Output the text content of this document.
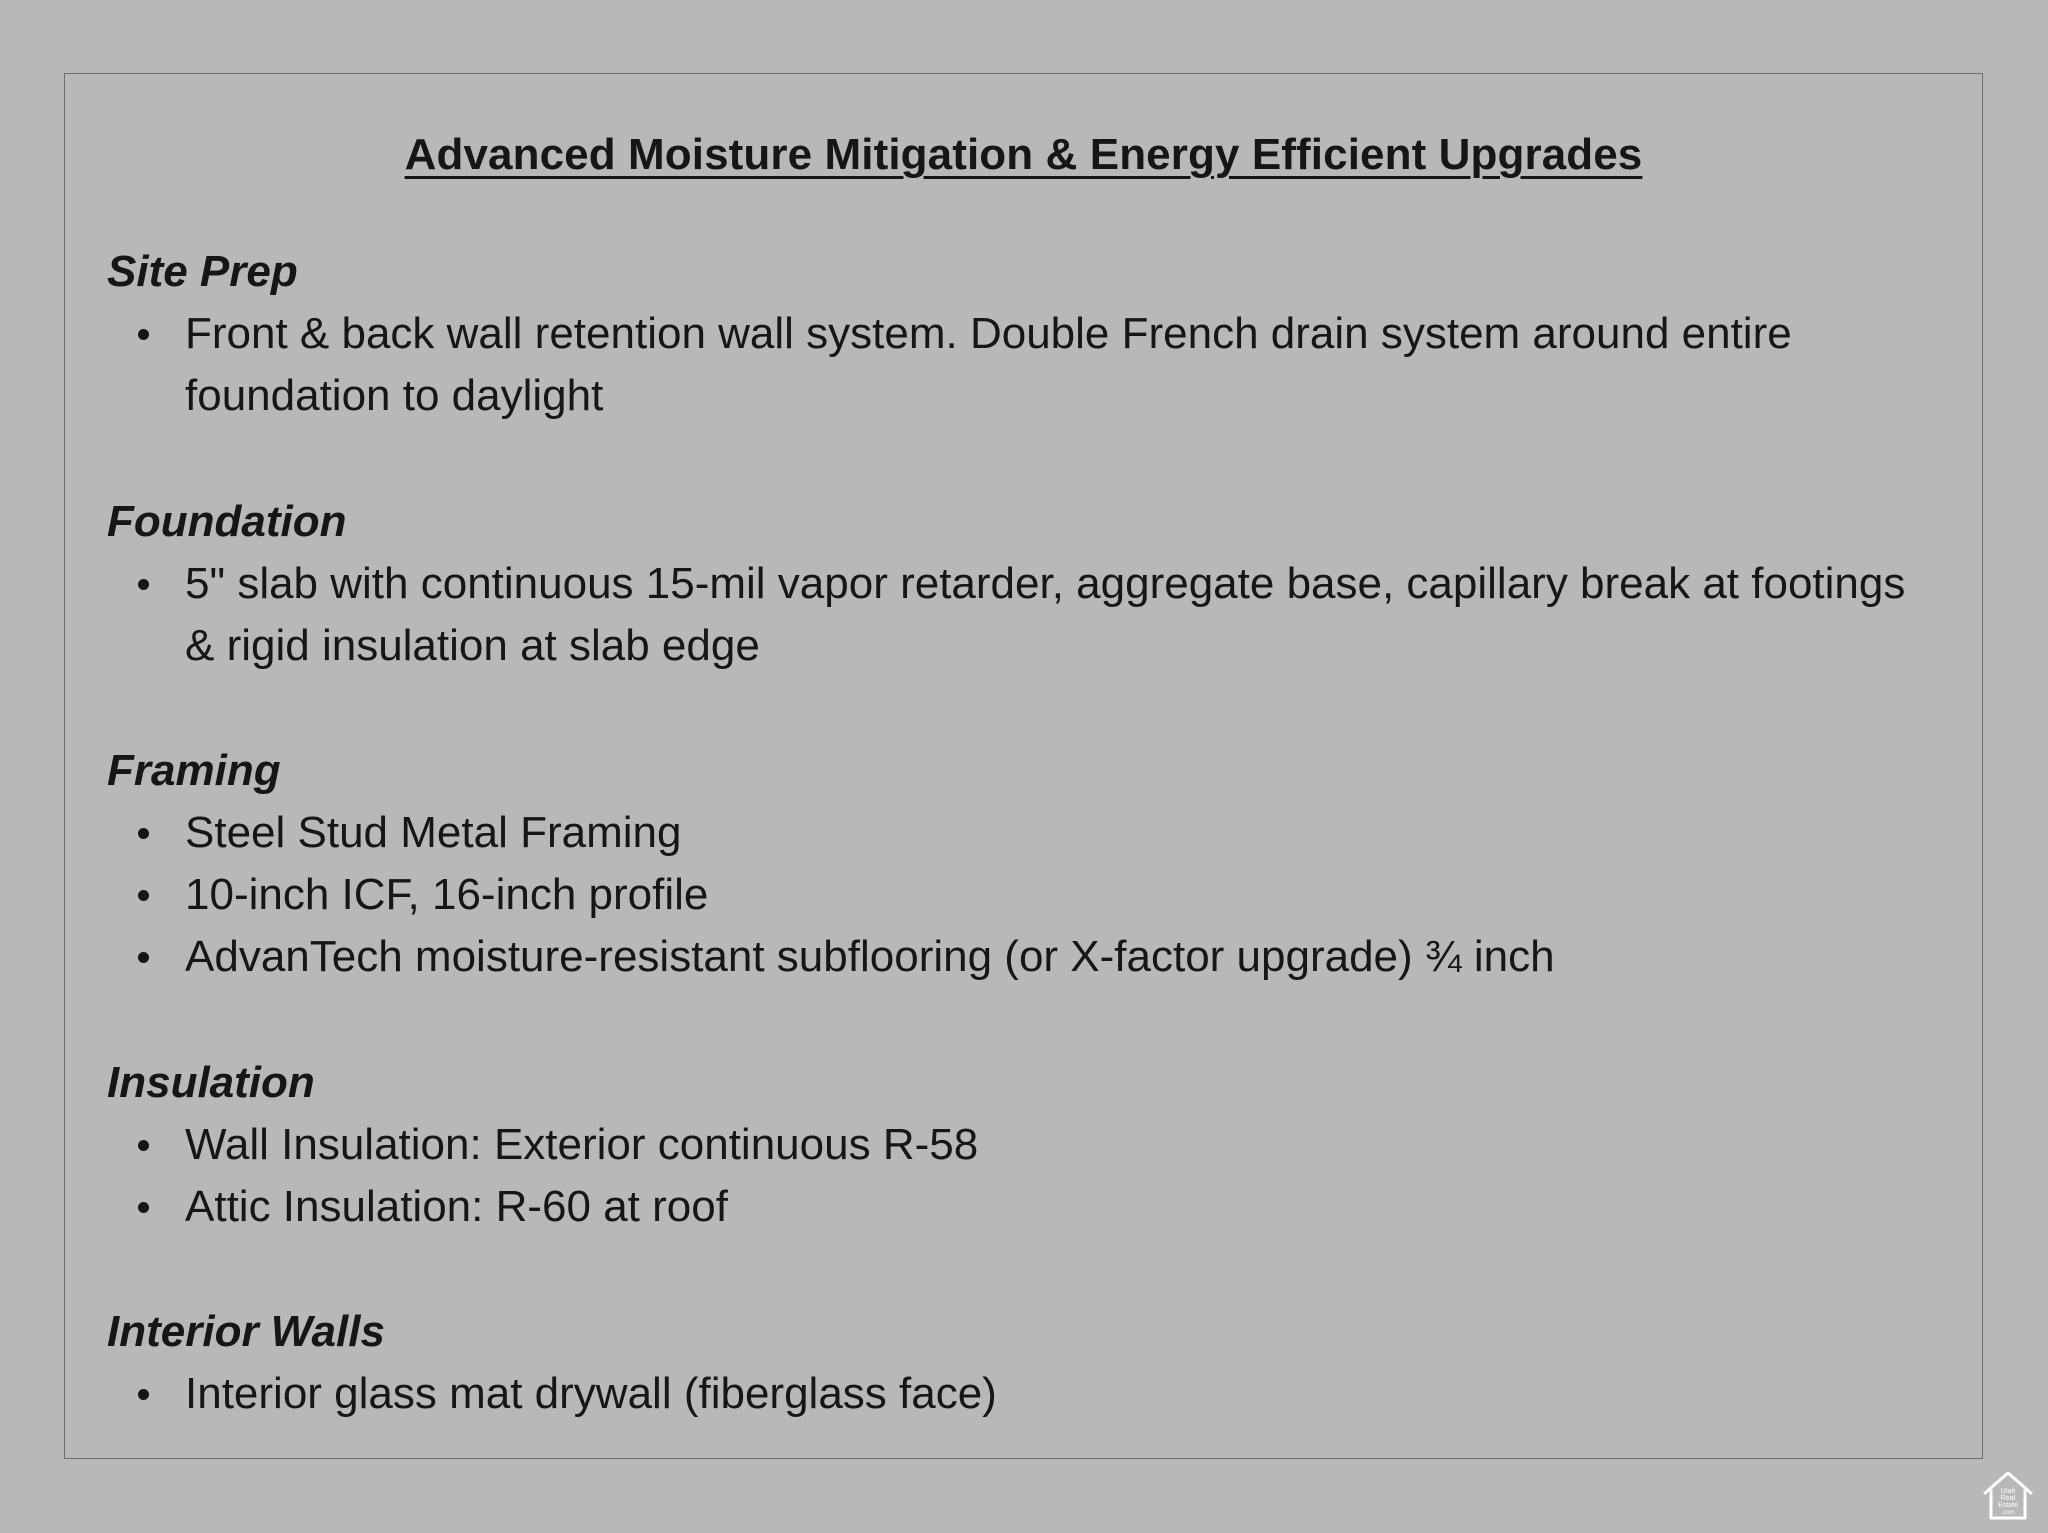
Advanced Moisture Mitigation & Energy Efficient Upgrades
Site Prep
Front & back wall retention wall system. Double French drain system around entire foundation to daylight
Foundation
5" slab with continuous 15-mil vapor retarder, aggregate base, capillary break at footings & rigid insulation at slab edge
Framing
Steel Stud Metal Framing
10-inch ICF, 16-inch profile
AdvanTech moisture-resistant subflooring (or X-factor upgrade) ¾ inch
Insulation
Wall Insulation: Exterior continuous R-58
Attic Insulation: R-60 at roof
Interior Walls
Interior glass mat drywall (fiberglass face)
Utah
Real
Estate
.com
